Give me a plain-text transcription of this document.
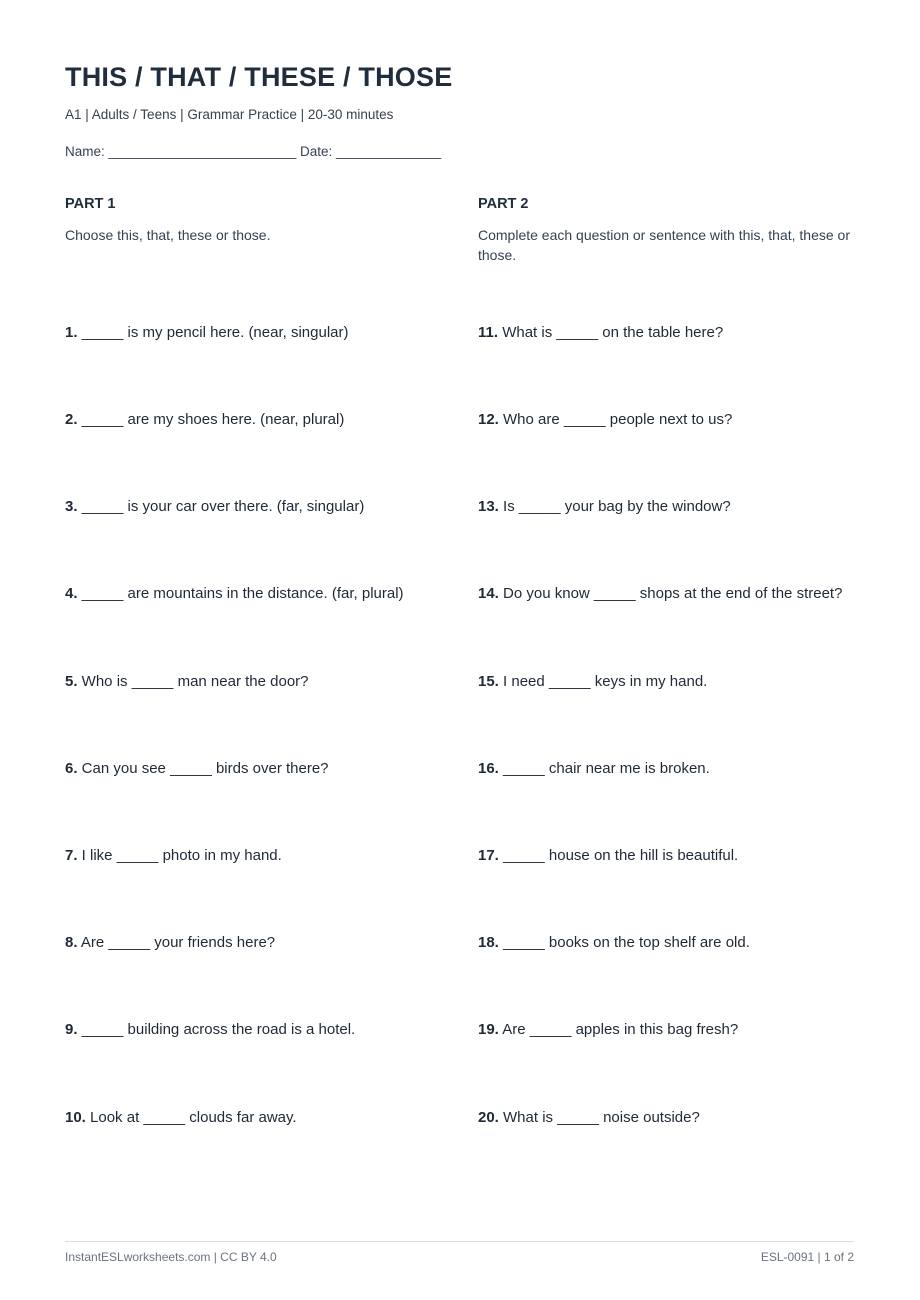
THIS / THAT / THESE / THOSE
A1 | Adults / Teens | Grammar Practice | 20-30 minutes
Name: _________________________ Date: ______________
PART 1
Choose this, that, these or those.
PART 2
Complete each question or sentence with this, that, these or those.
1. _____ is my pencil here. (near, singular)
2. _____ are my shoes here. (near, plural)
3. _____ is your car over there. (far, singular)
4. _____ are mountains in the distance. (far, plural)
5. Who is _____ man near the door?
6. Can you see _____ birds over there?
7. I like _____ photo in my hand.
8. Are _____ your friends here?
9. _____ building across the road is a hotel.
10. Look at _____ clouds far away.
11. What is _____ on the table here?
12. Who are _____ people next to us?
13. Is _____ your bag by the window?
14. Do you know _____ shops at the end of the street?
15. I need _____ keys in my hand.
16. _____ chair near me is broken.
17. _____ house on the hill is beautiful.
18. _____ books on the top shelf are old.
19. Are _____ apples in this bag fresh?
20. What is _____ noise outside?
InstantESLworksheets.com | CC BY 4.0	ESL-0091 | 1 of 2
